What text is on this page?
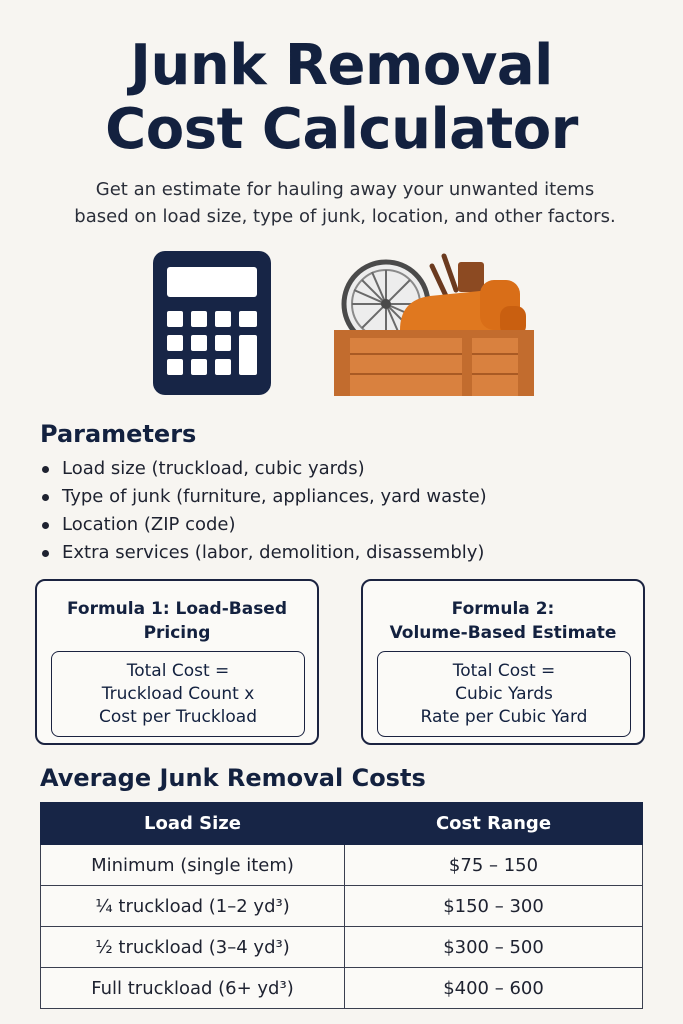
Junk Removal
Cost Calculator

Get an estimate for hauling away your unwanted items
based on load size, type of junk, location, and other factors.

Parameters
Load size (truckload, cubic yards)
Type of junk (furniture, appliances, yard waste)
Location (ZIP code)
Extra services (labor, demolition, disassembly)
Formula 1: Load-Based
Pricing
Total Cost =
Truckload Count x
Cost per Truckload
Formula 2:
Volume-Based Estimate
Total Cost =
Cubic Yards
Rate per Cubic Yard
Average Junk Removal Costs
Load Size	Cost Range
Minimum (single item)	$75 – 150
¼ truckload (1–2 yd³)	$150 – 300
½ truckload (3–4 yd³)	$300 – 500
Full truckload (6+ yd³)	$400 – 600
